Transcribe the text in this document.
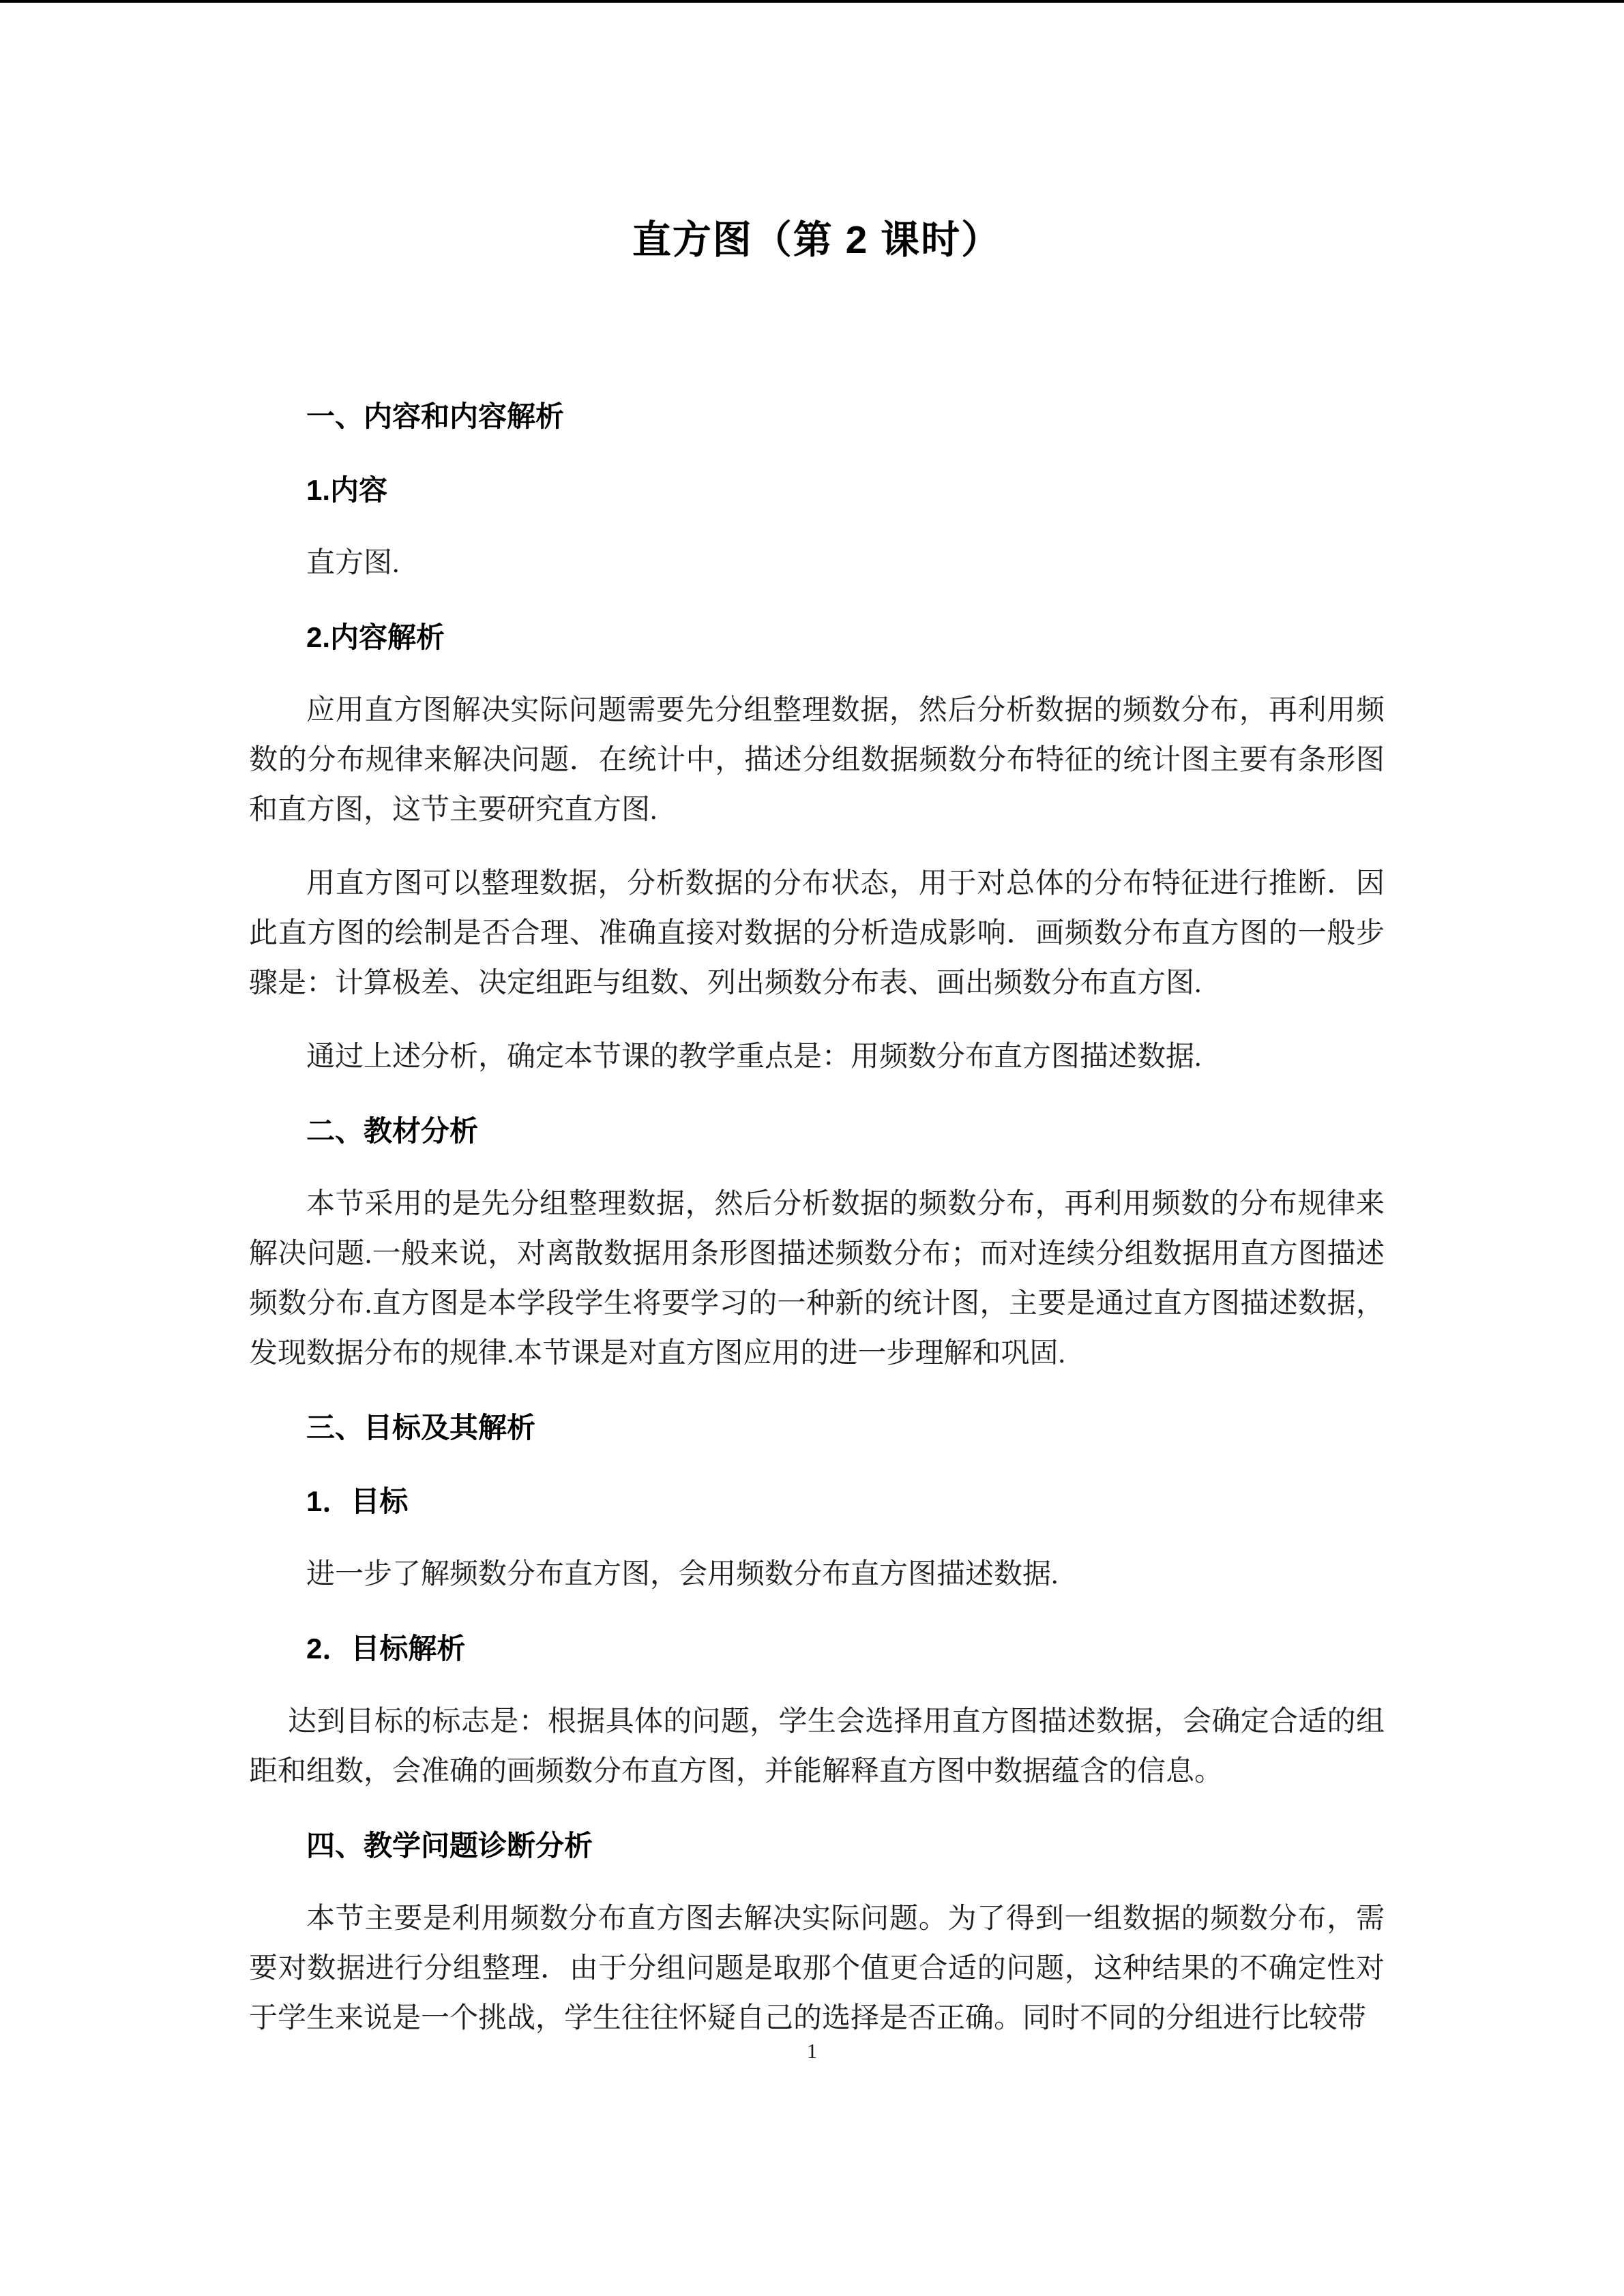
直方图（第 2 课时）
一、内容和内容解析
1.内容
直方图.
2.内容解析
应用直方图解决实际问题需要先分组整理数据，然后分析数据的频数分布，再利用频数的分布规律来解决问题．在统计中，描述分组数据频数分布特征的统计图主要有条形图和直方图，这节主要研究直方图.
用直方图可以整理数据，分析数据的分布状态，用于对总体的分布特征进行推断．因此直方图的绘制是否合理、准确直接对数据的分析造成影响．画频数分布直方图的一般步骤是：计算极差、决定组距与组数、列出频数分布表、画出频数分布直方图.
通过上述分析，确定本节课的教学重点是：用频数分布直方图描述数据.
二、教材分析
本节采用的是先分组整理数据，然后分析数据的频数分布，再利用频数的分布规律来解决问题.一般来说，对离散数据用条形图描述频数分布；而对连续分组数据用直方图描述频数分布.直方图是本学段学生将要学习的一种新的统计图，主要是通过直方图描述数据，发现数据分布的规律.本节课是对直方图应用的进一步理解和巩固.
三、目标及其解析
1．目标
进一步了解频数分布直方图，会用频数分布直方图描述数据.
2．目标解析
达到目标的标志是：根据具体的问题，学生会选择用直方图描述数据，会确定合适的组距和组数，会准确的画频数分布直方图，并能解释直方图中数据蕴含的信息。
四、教学问题诊断分析
本节主要是利用频数分布直方图去解决实际问题。为了得到一组数据的频数分布，需要对数据进行分组整理．由于分组问题是取那个值更合适的问题，这种结果的不确定性对于学生来说是一个挑战，学生往往怀疑自己的选择是否正确。同时不同的分组进行比较带
1
